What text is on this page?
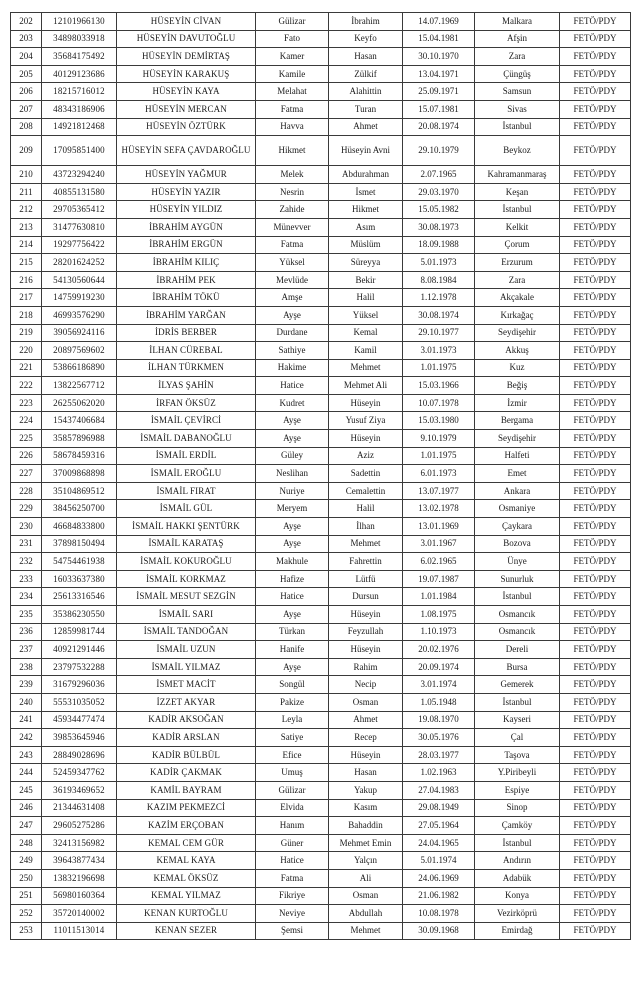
202	12101966130	HÜSEYİN CİVAN	Gülizar	İbrahim	14.07.1969	Malkara	FETÖ/PDY
203	34898033918	HÜSEYİN DAVUTOĞLU	Fato	Keyfo	15.04.1981	Afşin	FETÖ/PDY
204	35684175492	HÜSEYİN DEMİRTAŞ	Kamer	Hasan	30.10.1970	Zara	FETÖ/PDY
205	40129123686	HÜSEYİN KARAKUŞ	Kamile	Zülkif	13.04.1971	Çüngüş	FETÖ/PDY
206	18215716012	HÜSEYİN KAYA	Melahat	Alahittin	25.09.1971	Samsun	FETÖ/PDY
207	48343186906	HÜSEYİN MERCAN	Fatma	Turan	15.07.1981	Sivas	FETÖ/PDY
208	14921812468	HÜSEYİN ÖZTÜRK	Havva	Ahmet	20.08.1974	İstanbul	FETÖ/PDY
209	17095851400	HÜSEYİN SEFA ÇAVDAROĞLU	Hikmet	Hüseyin Avni	29.10.1979	Beykoz	FETÖ/PDY
210	43723294240	HÜSEYİN YAĞMUR	Melek	Abdurahman	2.07.1965	Kahramanmaraş	FETÖ/PDY
211	40855131580	HÜSEYİN YAZIR	Nesrin	İsmet	29.03.1970	Keşan	FETÖ/PDY
212	29705365412	HÜSEYİN YILDIZ	Zahide	Hikmet	15.05.1982	İstanbul	FETÖ/PDY
213	31477630810	İBRAHİM AYGÜN	Münevver	Asım	30.08.1973	Kelkit	FETÖ/PDY
214	19297756422	İBRAHİM ERGÜN	Fatma	Müslüm	18.09.1988	Çorum	FETÖ/PDY
215	28201624252	İBRAHİM KILIÇ	Yüksel	Süreyya	5.01.1973	Erzurum	FETÖ/PDY
216	54130560644	İBRAHİM PEK	Mevlüde	Bekir	8.08.1984	Zara	FETÖ/PDY
217	14759919230	İBRAHİM TÖKÜ	Amşe	Halil	1.12.1978	Akçakale	FETÖ/PDY
218	46993576290	İBRAHİM YARĞAN	Ayşe	Yüksel	30.08.1974	Kırkağaç	FETÖ/PDY
219	39056924116	İDRİS BERBER	Durdane	Kemal	29.10.1977	Seydişehir	FETÖ/PDY
220	20897569602	İLHAN CÜREBAL	Sathiye	Kamil	3.01.1973	Akkuş	FETÖ/PDY
221	53866186890	İLHAN TÜRKMEN	Hakime	Mehmet	1.01.1975	Kuz	FETÖ/PDY
222	13822567712	İLYAS ŞAHİN	Hatice	Mehmet Ali	15.03.1966	Beğiş	FETÖ/PDY
223	26255062020	İRFAN ÖKSÜZ	Kudret	Hüseyin	10.07.1978	İzmir	FETÖ/PDY
224	15437406684	İSMAİL ÇEVİRCİ	Ayşe	Yusuf Ziya	15.03.1980	Bergama	FETÖ/PDY
225	35857896988	İSMAİL DABANOĞLU	Ayşe	Hüseyin	9.10.1979	Seydişehir	FETÖ/PDY
226	58678459316	İSMAİL ERDİL	Güley	Aziz	1.01.1975	Halfeti	FETÖ/PDY
227	37009868898	İSMAİL EROĞLU	Neslihan	Sadettin	6.01.1973	Emet	FETÖ/PDY
228	35104869512	İSMAİL FIRAT	Nuriye	Cemalettin	13.07.1977	Ankara	FETÖ/PDY
229	38456250700	İSMAİL GÜL	Meryem	Halil	13.02.1978	Osmaniye	FETÖ/PDY
230	46684833800	İSMAİL HAKKI ŞENTÜRK	Ayşe	İlhan	13.01.1969	Çaykara	FETÖ/PDY
231	37898150494	İSMAİL KARATAŞ	Ayşe	Mehmet	3.01.1967	Bozova	FETÖ/PDY
232	54754461938	İSMAİL KOKUROĞLU	Makhule	Fahrettin	6.02.1965	Ünye	FETÖ/PDY
233	16033637380	İSMAİL KORKMAZ	Hafize	Lütfü	19.07.1987	Sunurluk	FETÖ/PDY
234	25613316546	İSMAİL MESUT SEZGİN	Hatice	Dursun	1.01.1984	İstanbul	FETÖ/PDY
235	35386230550	İSMAİL SARI	Ayşe	Hüseyin	1.08.1975	Osmancık	FETÖ/PDY
236	12859981744	İSMAİL TANDOĞAN	Türkan	Feyzullah	1.10.1973	Osmancık	FETÖ/PDY
237	40921291446	İSMAİL UZUN	Hanife	Hüseyin	20.02.1976	Dereli	FETÖ/PDY
238	23797532288	İSMAİL YILMAZ	Ayşe	Rahim	20.09.1974	Bursa	FETÖ/PDY
239	31679296036	İSMET MACİT	Songül	Necip	3.01.1974	Gemerek	FETÖ/PDY
240	55531035052	İZZET AKYAR	Pakize	Osman	1.05.1948	İstanbul	FETÖ/PDY
241	45934477474	KADİR AKSOĞAN	Leyla	Ahmet	19.08.1970	Kayseri	FETÖ/PDY
242	39853645946	KADİR ARSLAN	Satiye	Recep	30.05.1976	Çal	FETÖ/PDY
243	28849028696	KADİR BÜLBÜL	Efice	Hüseyin	28.03.1977	Taşova	FETÖ/PDY
244	52459347762	KADİR ÇAKMAK	Umuş	Hasan	1.02.1963	Y.Piribeyli	FETÖ/PDY
245	36193469652	KAMİL BAYRAM	Gülizar	Yakup	27.04.1983	Espiye	FETÖ/PDY
246	21344631408	KAZIM PEKMEZCİ	Elvida	Kasım	29.08.1949	Sinop	FETÖ/PDY
247	29605275286	KAZİM ERÇOBAN	Hanım	Bahaddin	27.05.1964	Çamköy	FETÖ/PDY
248	32413156982	KEMAL CEM GÜR	Güner	Mehmet Emin	24.04.1965	İstanbul	FETÖ/PDY
249	39643877434	KEMAL KAYA	Hatice	Yalçın	5.01.1974	Andırın	FETÖ/PDY
250	13832196698	KEMAL ÖKSÜZ	Fatma	Ali	24.06.1969	Adabük	FETÖ/PDY
251	56980160364	KEMAL YILMAZ	Fikriye	Osman	21.06.1982	Konya	FETÖ/PDY
252	35720140002	KENAN KURTOĞLU	Neviye	Abdullah	10.08.1978	Vezirköprü	FETÖ/PDY
253	11011513014	KENAN SEZER	Şemsi	Mehmet	30.09.1968	Emirdağ	FETÖ/PDY
